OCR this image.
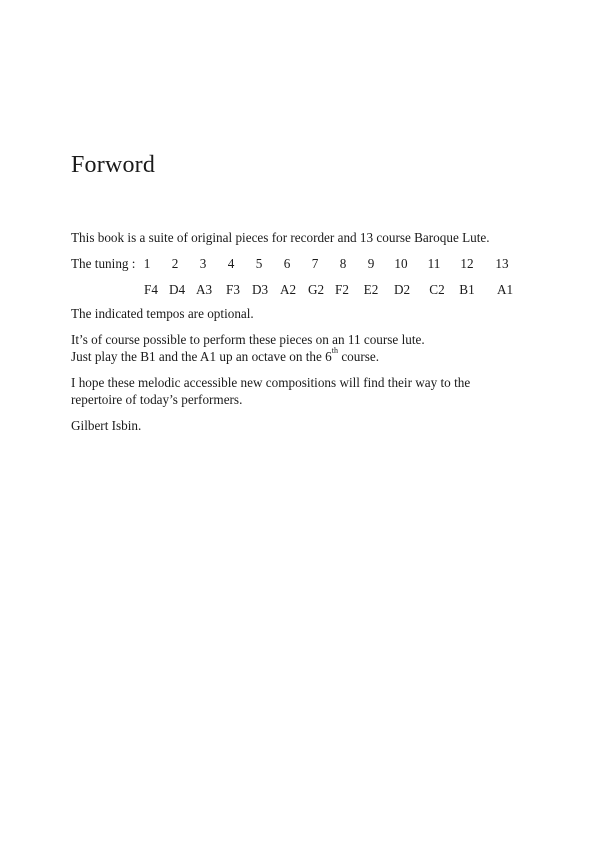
Forword
This book is a suite of original pieces for recorder and 13 course Baroque Lute.
The tuning : 1 2 3 4 5 6 7 8 9 10 11 12 13
F4 D4 A3 F3 D3 A2 G2 F2 E2 D2 C2 B1 A1
The indicated tempos are optional.
It’s of course possible to perform these pieces on an 11 course lute.
Just play the B1 and the A1 up an octave on the 6th course.
I hope these melodic accessible new compositions will find their way to the
repertoire of today’s performers.
Gilbert Isbin.
